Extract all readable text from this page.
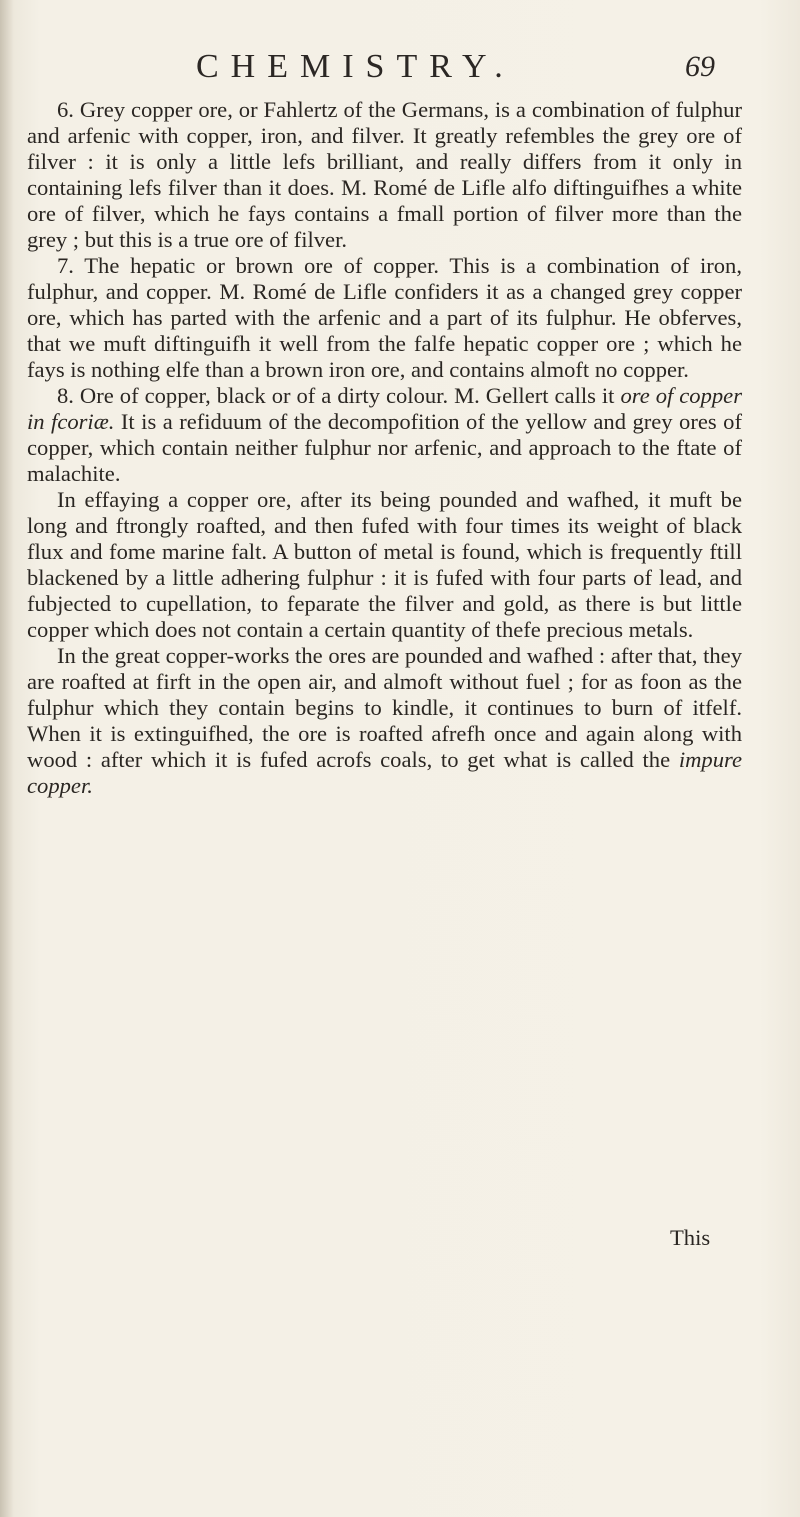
CHEMISTRY.	69

6. Grey copper ore, or Fahlertz of the Germans, is a combination of fulphur and arfenic with copper, iron, and filver. It greatly refembles the grey ore of filver : it is only a little lefs brilliant, and really differs from it only in containing lefs filver than it does. M. Romé de Lifle alfo diftinguifhes a white ore of filver, which he fays contains a fmall portion of filver more than the grey ; but this is a true ore of filver.

7. The hepatic or brown ore of copper. This is a combination of iron, fulphur, and copper. M. Romé de Lifle confiders it as a changed grey copper ore, which has parted with the arfenic and a part of its fulphur. He obferves, that we muft diftinguifh it well from the falfe hepatic copper ore ; which he fays is nothing elfe than a brown iron ore, and contains almoft no copper.

8. Ore of copper, black or of a dirty colour. M. Gellert calls it ore of copper in fcoriæ. It is a refiduum of the decompofition of the yellow and grey ores of copper, which contain neither fulphur nor arfenic, and approach to the ftate of malachite.

In effaying a copper ore, after its being pounded and wafhed, it muft be long and ftrongly roafted, and then fufed with four times its weight of black flux and fome marine falt. A button of metal is found, which is frequently ftill blackened by a little adhering fulphur : it is fufed with four parts of lead, and fubjected to cupellation, to feparate the filver and gold, as there is but little copper which does not contain a certain quantity of thefe precious metals.

In the great copper-works the ores are pounded and wafhed : after that, they are roafted at firft in the open air, and almoft without fuel ; for as foon as the fulphur which they contain begins to kindle, it continues to burn of itfelf. When it is extinguifhed, the ore is roafted afrefh once and again along with wood : after which it is fufed acrofs coals, to get what is called the impure copper.

This
